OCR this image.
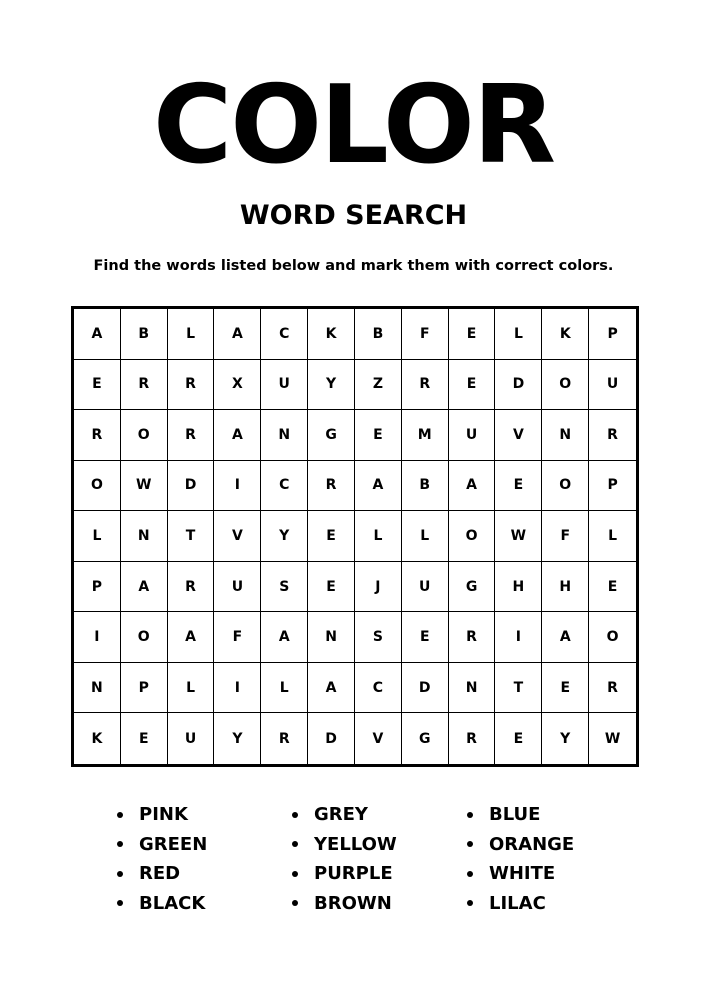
COLOR
WORD SEARCH
Find the words listed below and mark them with correct colors.
A	B	L	A	C	K	B	F	E	L	K	P
E	R	R	X	U	Y	Z	R	E	D	O	U
R	O	R	A	N	G	E	M	U	V	N	R
O	W	D	I	C	R	A	B	A	E	O	P
L	N	T	V	Y	E	L	L	O	W	F	L
P	A	R	U	S	E	J	U	G	H	H	E
I	O	A	F	A	N	S	E	R	I	A	O
N	P	L	I	L	A	C	D	N	T	E	R
K	E	U	Y	R	D	V	G	R	E	Y	W
PINK	GREY	BLUE
GREEN	YELLOW	ORANGE
RED	PURPLE	WHITE
BLACK	BROWN	LILAC
